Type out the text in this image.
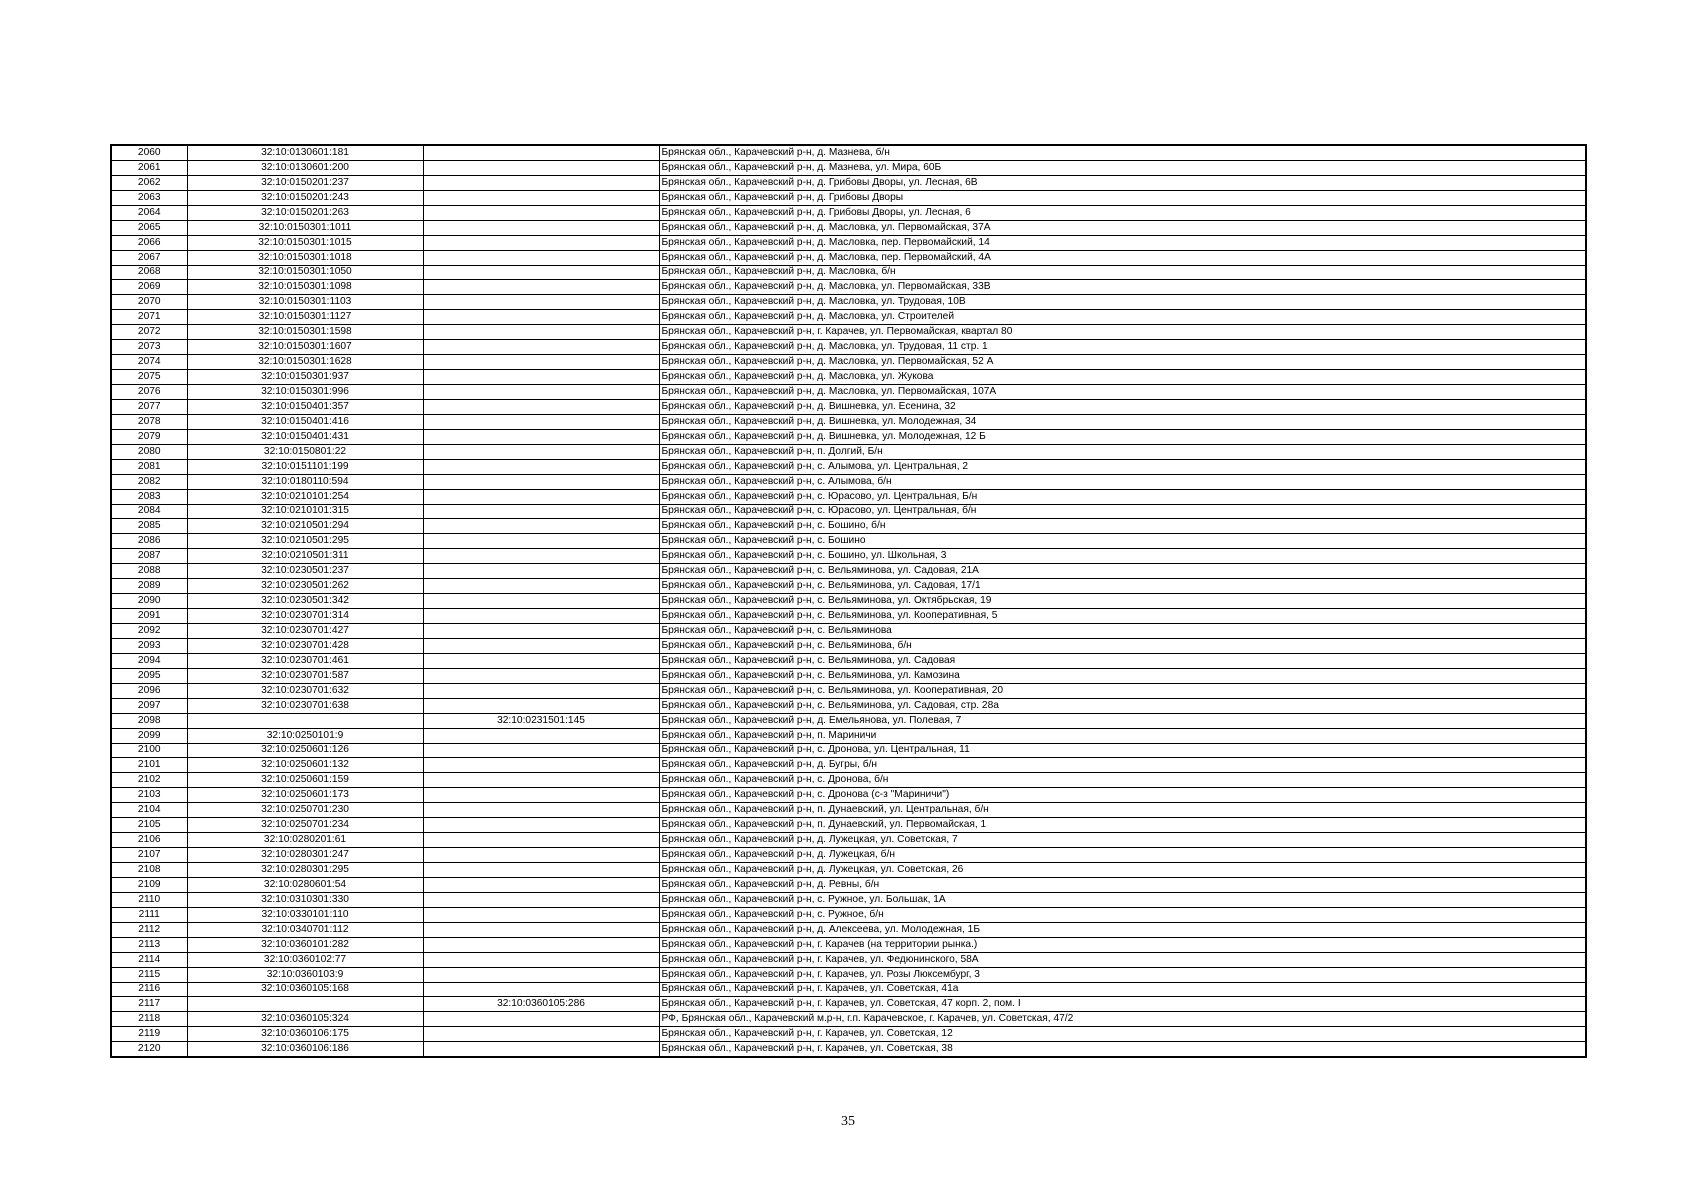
2060	32:10:0130601:181		Брянская обл., Карачевский р-н, д. Мазнева, б/н
2061	32:10:0130601:200		Брянская обл., Карачевский р-н, д. Мазнева, ул. Мира, 60Б
2062	32:10:0150201:237		Брянская обл., Карачевский р-н, д. Грибовы Дворы, ул. Лесная, 6В
2063	32:10:0150201:243		Брянская обл., Карачевский р-н, д. Грибовы Дворы
2064	32:10:0150201:263		Брянская обл., Карачевский р-н, д. Грибовы Дворы, ул. Лесная, 6
2065	32:10:0150301:1011		Брянская обл., Карачевский р-н, д. Масловка, ул. Первомайская, 37А
2066	32:10:0150301:1015		Брянская обл., Карачевский р-н, д. Масловка, пер. Первомайский, 14
2067	32:10:0150301:1018		Брянская обл., Карачевский р-н, д. Масловка, пер. Первомайский, 4А
2068	32:10:0150301:1050		Брянская обл., Карачевский р-н, д. Масловка, б/н
2069	32:10:0150301:1098		Брянская обл., Карачевский р-н, д. Масловка, ул. Первомайская, 33В
2070	32:10:0150301:1103		Брянская обл., Карачевский р-н, д. Масловка, ул. Трудовая, 10В
2071	32:10:0150301:1127		Брянская обл., Карачевский р-н, д. Масловка, ул. Строителей
2072	32:10:0150301:1598		Брянская обл., Карачевский р-н, г. Карачев, ул. Первомайская, квартал 80
2073	32:10:0150301:1607		Брянская обл., Карачевский р-н, д. Масловка, ул. Трудовая, 11 стр. 1
2074	32:10:0150301:1628		Брянская обл., Карачевский р-н, д. Масловка, ул. Первомайская, 52 А
2075	32:10:0150301:937		Брянская обл., Карачевский р-н, д. Масловка, ул. Жукова
2076	32:10:0150301:996		Брянская обл., Карачевский р-н, д. Масловка, ул. Первомайская, 107А
2077	32:10:0150401:357		Брянская обл., Карачевский р-н, д. Вишневка, ул. Есенина, 32
2078	32:10:0150401:416		Брянская обл., Карачевский р-н, д. Вишневка, ул. Молодежная, 34
2079	32:10:0150401:431		Брянская обл., Карачевский р-н, д. Вишневка, ул. Молодежная, 12 Б
2080	32:10:0150801:22		Брянская обл., Карачевский р-н, п. Долгий, Б/н
2081	32:10:0151101:199		Брянская обл., Карачевский р-н, с. Алымова, ул. Центральная, 2
2082	32:10:0180110:594		Брянская обл., Карачевский р-н, с. Алымова, б/н
2083	32:10:0210101:254		Брянская обл., Карачевский р-н, с. Юрасово, ул. Центральная, Б/н
2084	32:10:0210101:315		Брянская обл., Карачевский р-н, с. Юрасово, ул. Центральная, б/н
2085	32:10:0210501:294		Брянская обл., Карачевский р-н, с. Бошино, б/н
2086	32:10:0210501:295		Брянская обл., Карачевский р-н, с. Бошино
2087	32:10:0210501:311		Брянская обл., Карачевский р-н, с. Бошино, ул. Школьная, 3
2088	32:10:0230501:237		Брянская обл., Карачевский р-н, с. Вельяминова, ул. Садовая, 21А
2089	32:10:0230501:262		Брянская обл., Карачевский р-н, с. Вельяминова, ул. Садовая, 17/1
2090	32:10:0230501:342		Брянская обл., Карачевский р-н, с. Вельяминова, ул. Октябрьская, 19
2091	32:10:0230701:314		Брянская обл., Карачевский р-н, с. Вельяминова, ул. Кооперативная, 5
2092	32:10:0230701:427		Брянская обл., Карачевский р-н, с. Вельяминова
2093	32:10:0230701:428		Брянская обл., Карачевский р-н, с. Вельяминова, б/н
2094	32:10:0230701:461		Брянская обл., Карачевский р-н, с. Вельяминова, ул. Садовая
2095	32:10:0230701:587		Брянская обл., Карачевский р-н, с. Вельяминова, ул. Камозина
2096	32:10:0230701:632		Брянская обл., Карачевский р-н, с. Вельяминова, ул. Кооперативная, 20
2097	32:10:0230701:638		Брянская обл., Карачевский р-н, с. Вельяминова, ул. Садовая, стр. 28а
2098		32:10:0231501:145	Брянская обл., Карачевский р-н, д. Емельянова, ул. Полевая, 7
2099	32:10:0250101:9		Брянская обл., Карачевский р-н, п. Мариничи
2100	32:10:0250601:126		Брянская обл., Карачевский р-н, с. Дронова, ул. Центральная, 11
2101	32:10:0250601:132		Брянская обл., Карачевский р-н, д. Бугры, б/н
2102	32:10:0250601:159		Брянская обл., Карачевский р-н, с. Дронова, б/н
2103	32:10:0250601:173		Брянская обл., Карачевский р-н, с. Дронова (с-з "Мариничи")
2104	32:10:0250701:230		Брянская обл., Карачевский р-н, п. Дунаевский, ул. Центральная, б/н
2105	32:10:0250701:234		Брянская обл., Карачевский р-н, п. Дунаевский, ул. Первомайская, 1
2106	32:10:0280201:61		Брянская обл., Карачевский р-н, д. Лужецкая, ул. Советская, 7
2107	32:10:0280301:247		Брянская обл., Карачевский р-н, д. Лужецкая, б/н
2108	32:10:0280301:295		Брянская обл., Карачевский р-н, д. Лужецкая, ул. Советская, 26
2109	32:10:0280601:54		Брянская обл., Карачевский р-н, д. Ревны, б/н
2110	32:10:0310301:330		Брянская обл., Карачевский р-н, с. Ружное, ул. Большак, 1А
2111	32:10:0330101:110		Брянская обл., Карачевский р-н, с. Ружное, б/н
2112	32:10:0340701:112		Брянская обл., Карачевский р-н, д. Алексеева, ул. Молодежная, 1Б
2113	32:10:0360101:282		Брянская обл., Карачевский р-н, г. Карачев (на территории рынка.)
2114	32:10:0360102:77		Брянская обл., Карачевский р-н, г. Карачев, ул. Федюнинского, 58А
2115	32:10:0360103:9		Брянская обл., Карачевский р-н, г. Карачев, ул. Розы Люксембург, 3
2116	32:10:0360105:168		Брянская обл., Карачевский р-н, г. Карачев, ул. Советская, 41а
2117		32:10:0360105:286	Брянская обл., Карачевский р-н, г. Карачев, ул. Советская, 47 корп. 2, пом. I
2118	32:10:0360105:324		РФ, Брянская обл., Карачевский м.р-н, г.п. Карачевское, г. Карачев, ул. Советская, 47/2
2119	32:10:0360106:175		Брянская обл., Карачевский р-н, г. Карачев, ул. Советская, 12
2120	32:10:0360106:186		Брянская обл., Карачевский р-н, г. Карачев, ул. Советская, 38
35
